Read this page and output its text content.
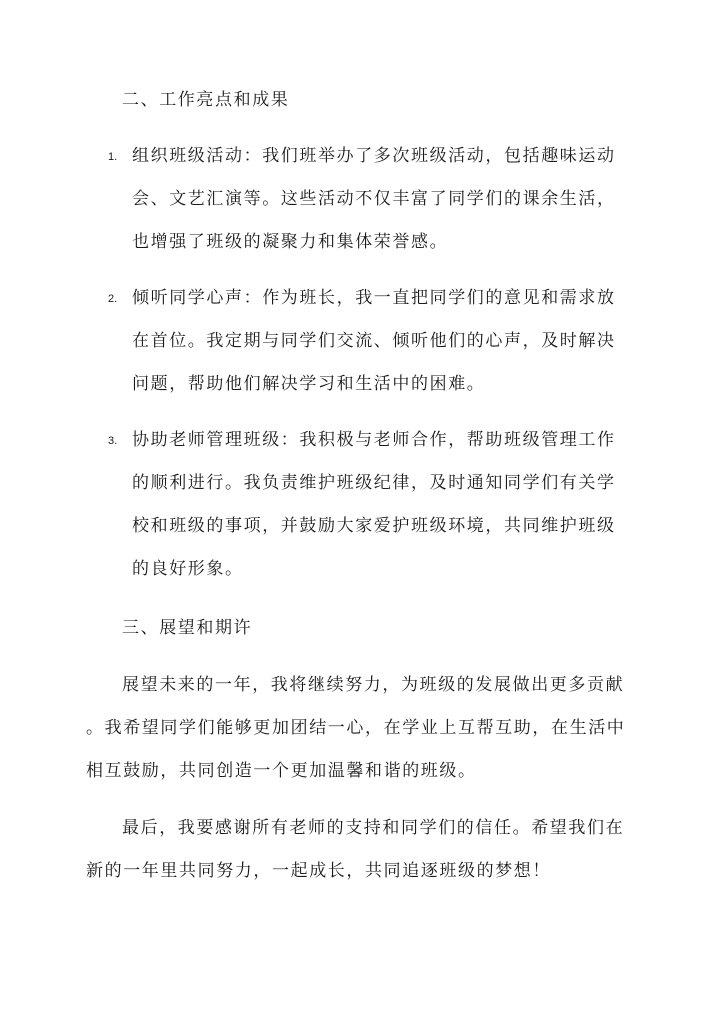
二、工作亮点和成果
1. 组织班级活动：我们班举办了多次班级活动，包括趣味运动
会、文艺汇演等。这些活动不仅丰富了同学们的课余生活，
也增强了班级的凝聚力和集体荣誉感。
2. 倾听同学心声：作为班长，我一直把同学们的意见和需求放
在首位。我定期与同学们交流、倾听他们的心声，及时解决
问题，帮助他们解决学习和生活中的困难。
3. 协助老师管理班级：我积极与老师合作，帮助班级管理工作
的顺利进行。我负责维护班级纪律，及时通知同学们有关学
校和班级的事项，并鼓励大家爱护班级环境，共同维护班级
的良好形象。
三、展望和期许
展望未来的一年，我将继续努力，为班级的发展做出更多贡献
。我希望同学们能够更加团结一心，在学业上互帮互助，在生活中
相互鼓励，共同创造一个更加温馨和谐的班级。
最后，我要感谢所有老师的支持和同学们的信任。希望我们在
新的一年里共同努力，一起成长，共同追逐班级的梦想！
